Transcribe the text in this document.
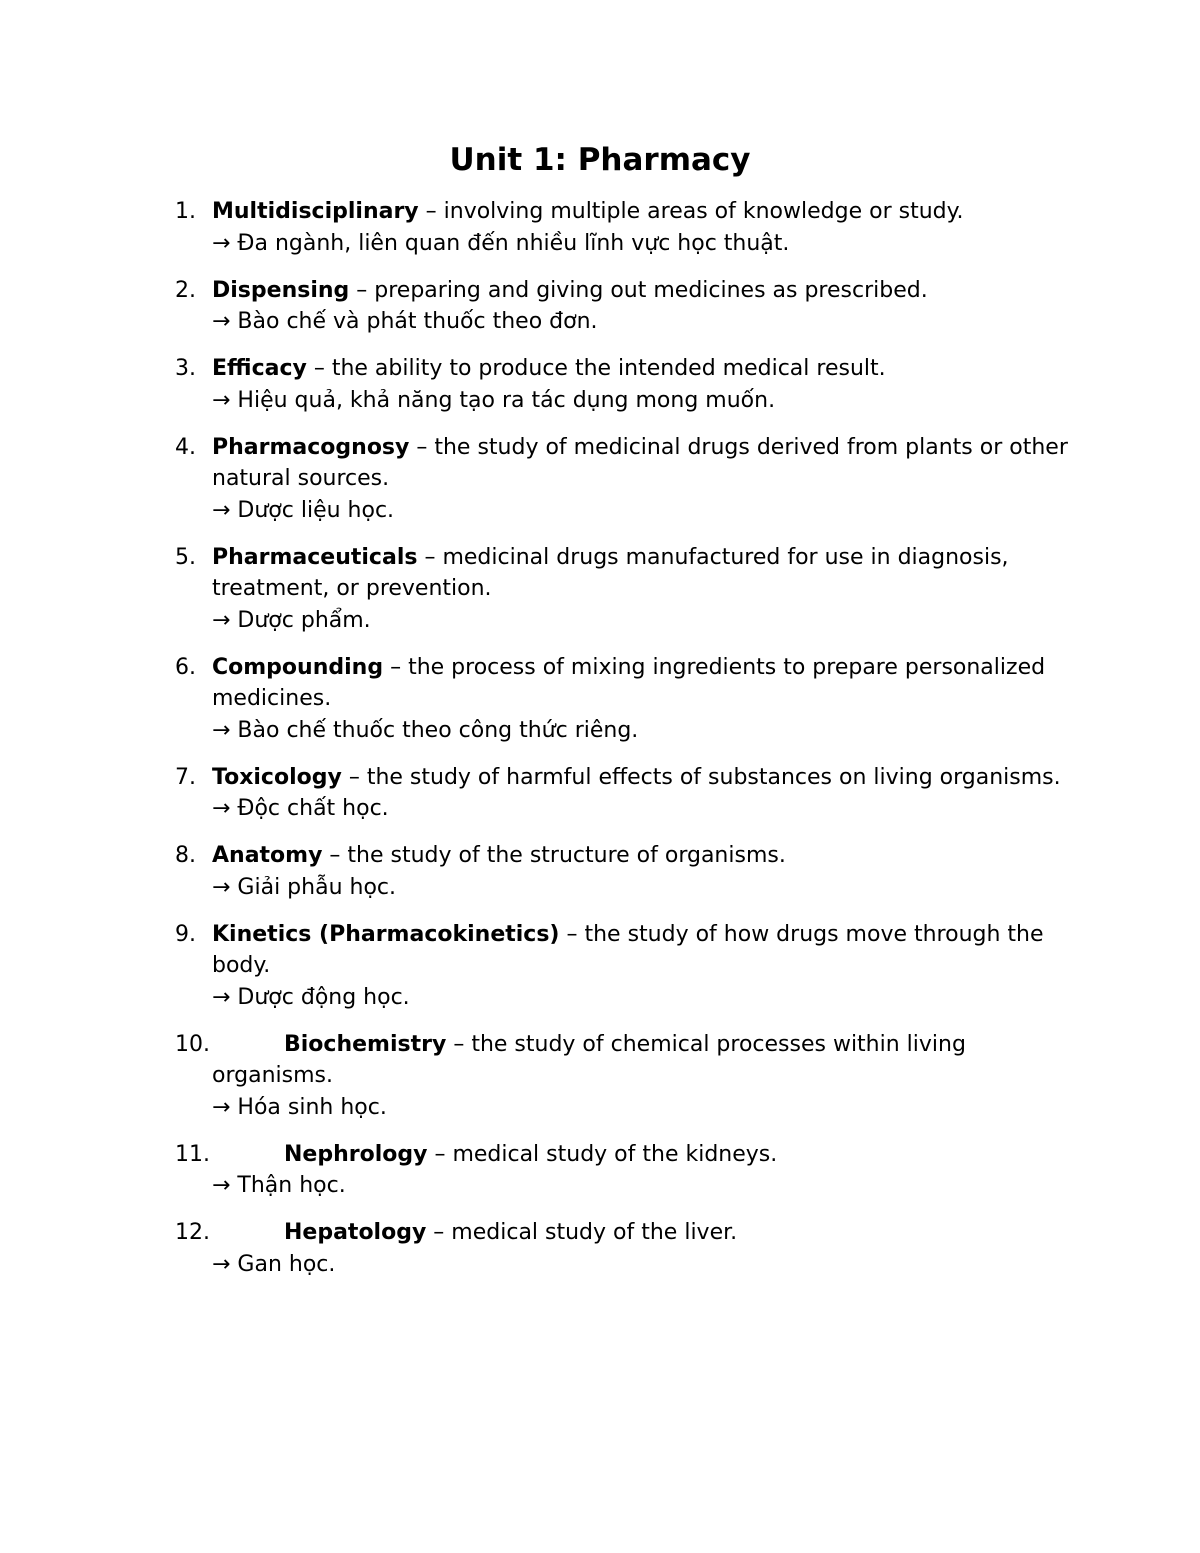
Unit 1: Pharmacy
1. Multidisciplinary – involving multiple areas of knowledge or study.
→ Đa ngành, liên quan đến nhiều lĩnh vực học thuật.
2. Dispensing – preparing and giving out medicines as prescribed.
→ Bào chế và phát thuốc theo đơn.
3. Efficacy – the ability to produce the intended medical result.
→ Hiệu quả, khả năng tạo ra tác dụng mong muốn.
4. Pharmacognosy – the study of medicinal drugs derived from plants or other natural sources.
→ Dược liệu học.
5. Pharmaceuticals – medicinal drugs manufactured for use in diagnosis, treatment, or prevention.
→ Dược phẩm.
6. Compounding – the process of mixing ingredients to prepare personalized medicines.
→ Bào chế thuốc theo công thức riêng.
7. Toxicology – the study of harmful effects of substances on living organisms.
→ Độc chất học.
8. Anatomy – the study of the structure of organisms.
→ Giải phẫu học.
9. Kinetics (Pharmacokinetics) – the study of how drugs move through the body.
→ Dược động học.
10.	Biochemistry – the study of chemical processes within living organisms.
→ Hóa sinh học.
11.	Nephrology – medical study of the kidneys.
→ Thận học.
12.	Hepatology – medical study of the liver.
→ Gan học.
